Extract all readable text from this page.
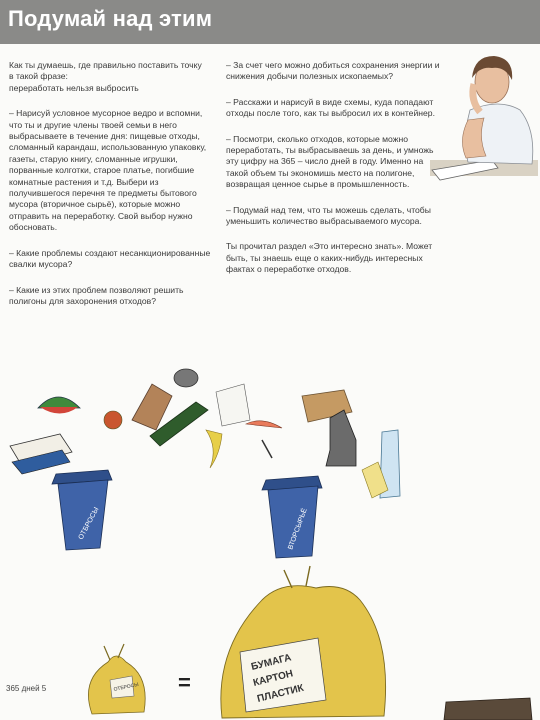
Подумай над этим

Как ты думаешь, где правильно поставить точку
в такой фразе:
переработать нельзя выбросить

– Нарисуй условное мусорное ведро и вспомни, что ты и другие члены твоей семьи в него выбрасываете в течение дня: пищевые отходы, сломанный карандаш, использованную упаковку, газеты, старую книгу, сломанные игрушки, порванные колготки, старое платье, погибшие комнатные растения и т.д. Выбери из получившегося перечня те предметы бытового мусора (вторичное сырьё), которые можно отправить на переработку. Свой выбор нужно обосновать.

– Какие проблемы создают несанкционированные свалки мусора?

– Какие из этих проблем позволяют решить полигоны для захоронения отходов?

– За счет чего можно добиться сохранения энергии и снижения добычи полезных ископаемых?

– Расскажи и нарисуй в виде схемы, куда попадают отходы после того, как ты выбросил их в контейнер.

– Посмотри, сколько отходов, которые можно переработать, ты выбрасываешь за день, и умножь эту цифру на 365 – число дней в году. Именно на такой объем ты экономишь место на полигоне, возвращая ценное сырье в промышленность.

– Подумай над тем, что ты можешь сделать, чтобы уменьшить количество выбрасываемого мусора.

Ты прочитал раздел «Это интересно знать». Может быть, ты знаешь еще о каких-нибудь интересных фактах о переработке отходов.

ОТБРОСЫ	ВТОРСЫРЬЁ
ОТБРОСЫ
БУМАГА
КАРТОН
ПЛАСТИК
=
365 дней 5
